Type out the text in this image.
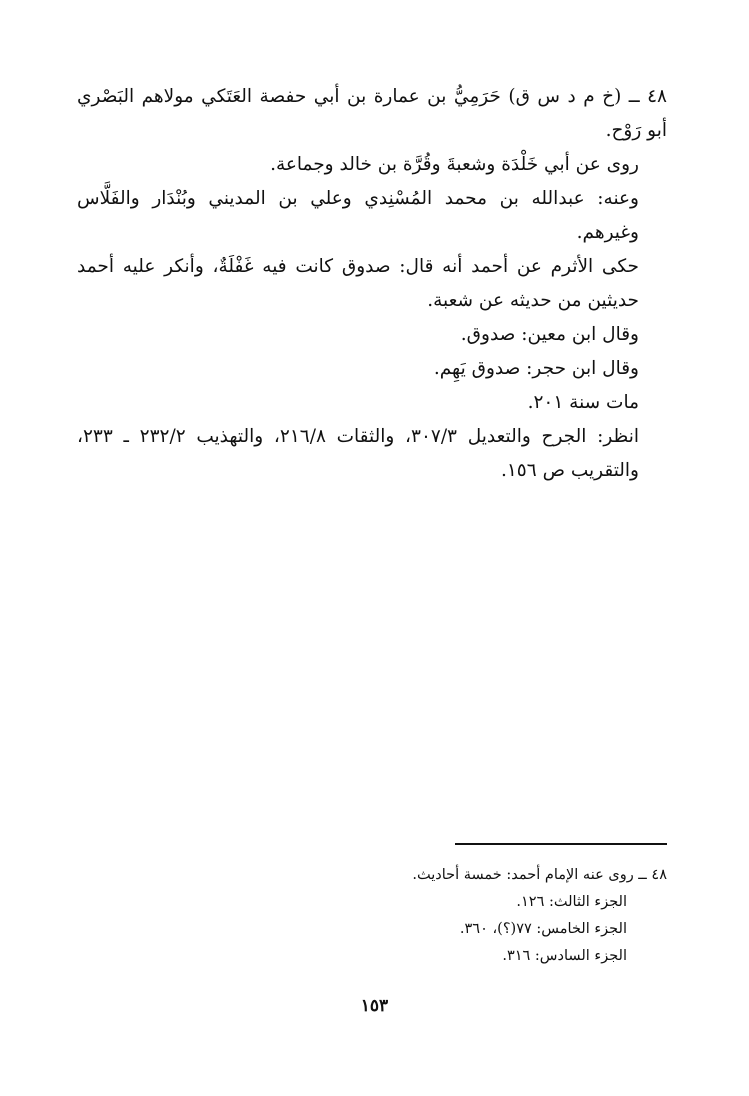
٤٨ ــ (خ م د س ق) حَرَمِيُّ بن عمارة بن أبي حفصة العَتَكي مولاهم البَصْري أبو رَوْح.

روى عن أبي خَلْدَة وشعبةَ وقُرَّة بن خالد وجماعة.

وعنه: عبدالله بن محمد المُسْنِدي وعلي بن المديني وبُنْدَار والفَلَّاس وغيرهم.

حكى الأثرم عن أحمد أنه قال: صدوق كانت فيه غَفْلَةٌ، وأنكر عليه أحمد حديثين من حديثه عن شعبة.

وقال ابن معين: صدوق.

وقال ابن حجر: صدوق يَهِم.

مات سنة ٢٠١.

انظر: الجرح والتعديل ٣٠٧/٣، والثقات ٢١٦/٨، والتهذيب ٢٣٢/٢ ـ ٢٣٣، والتقريب ص ١٥٦.

٤٨ ــ روى عنه الإمام أحمد: خمسة أحاديث.

الجزء الثالث: ١٢٦.

الجزء الخامس: ٧٧(؟)، ٣٦٠.

الجزء السادس: ٣١٦.

١٥٣
